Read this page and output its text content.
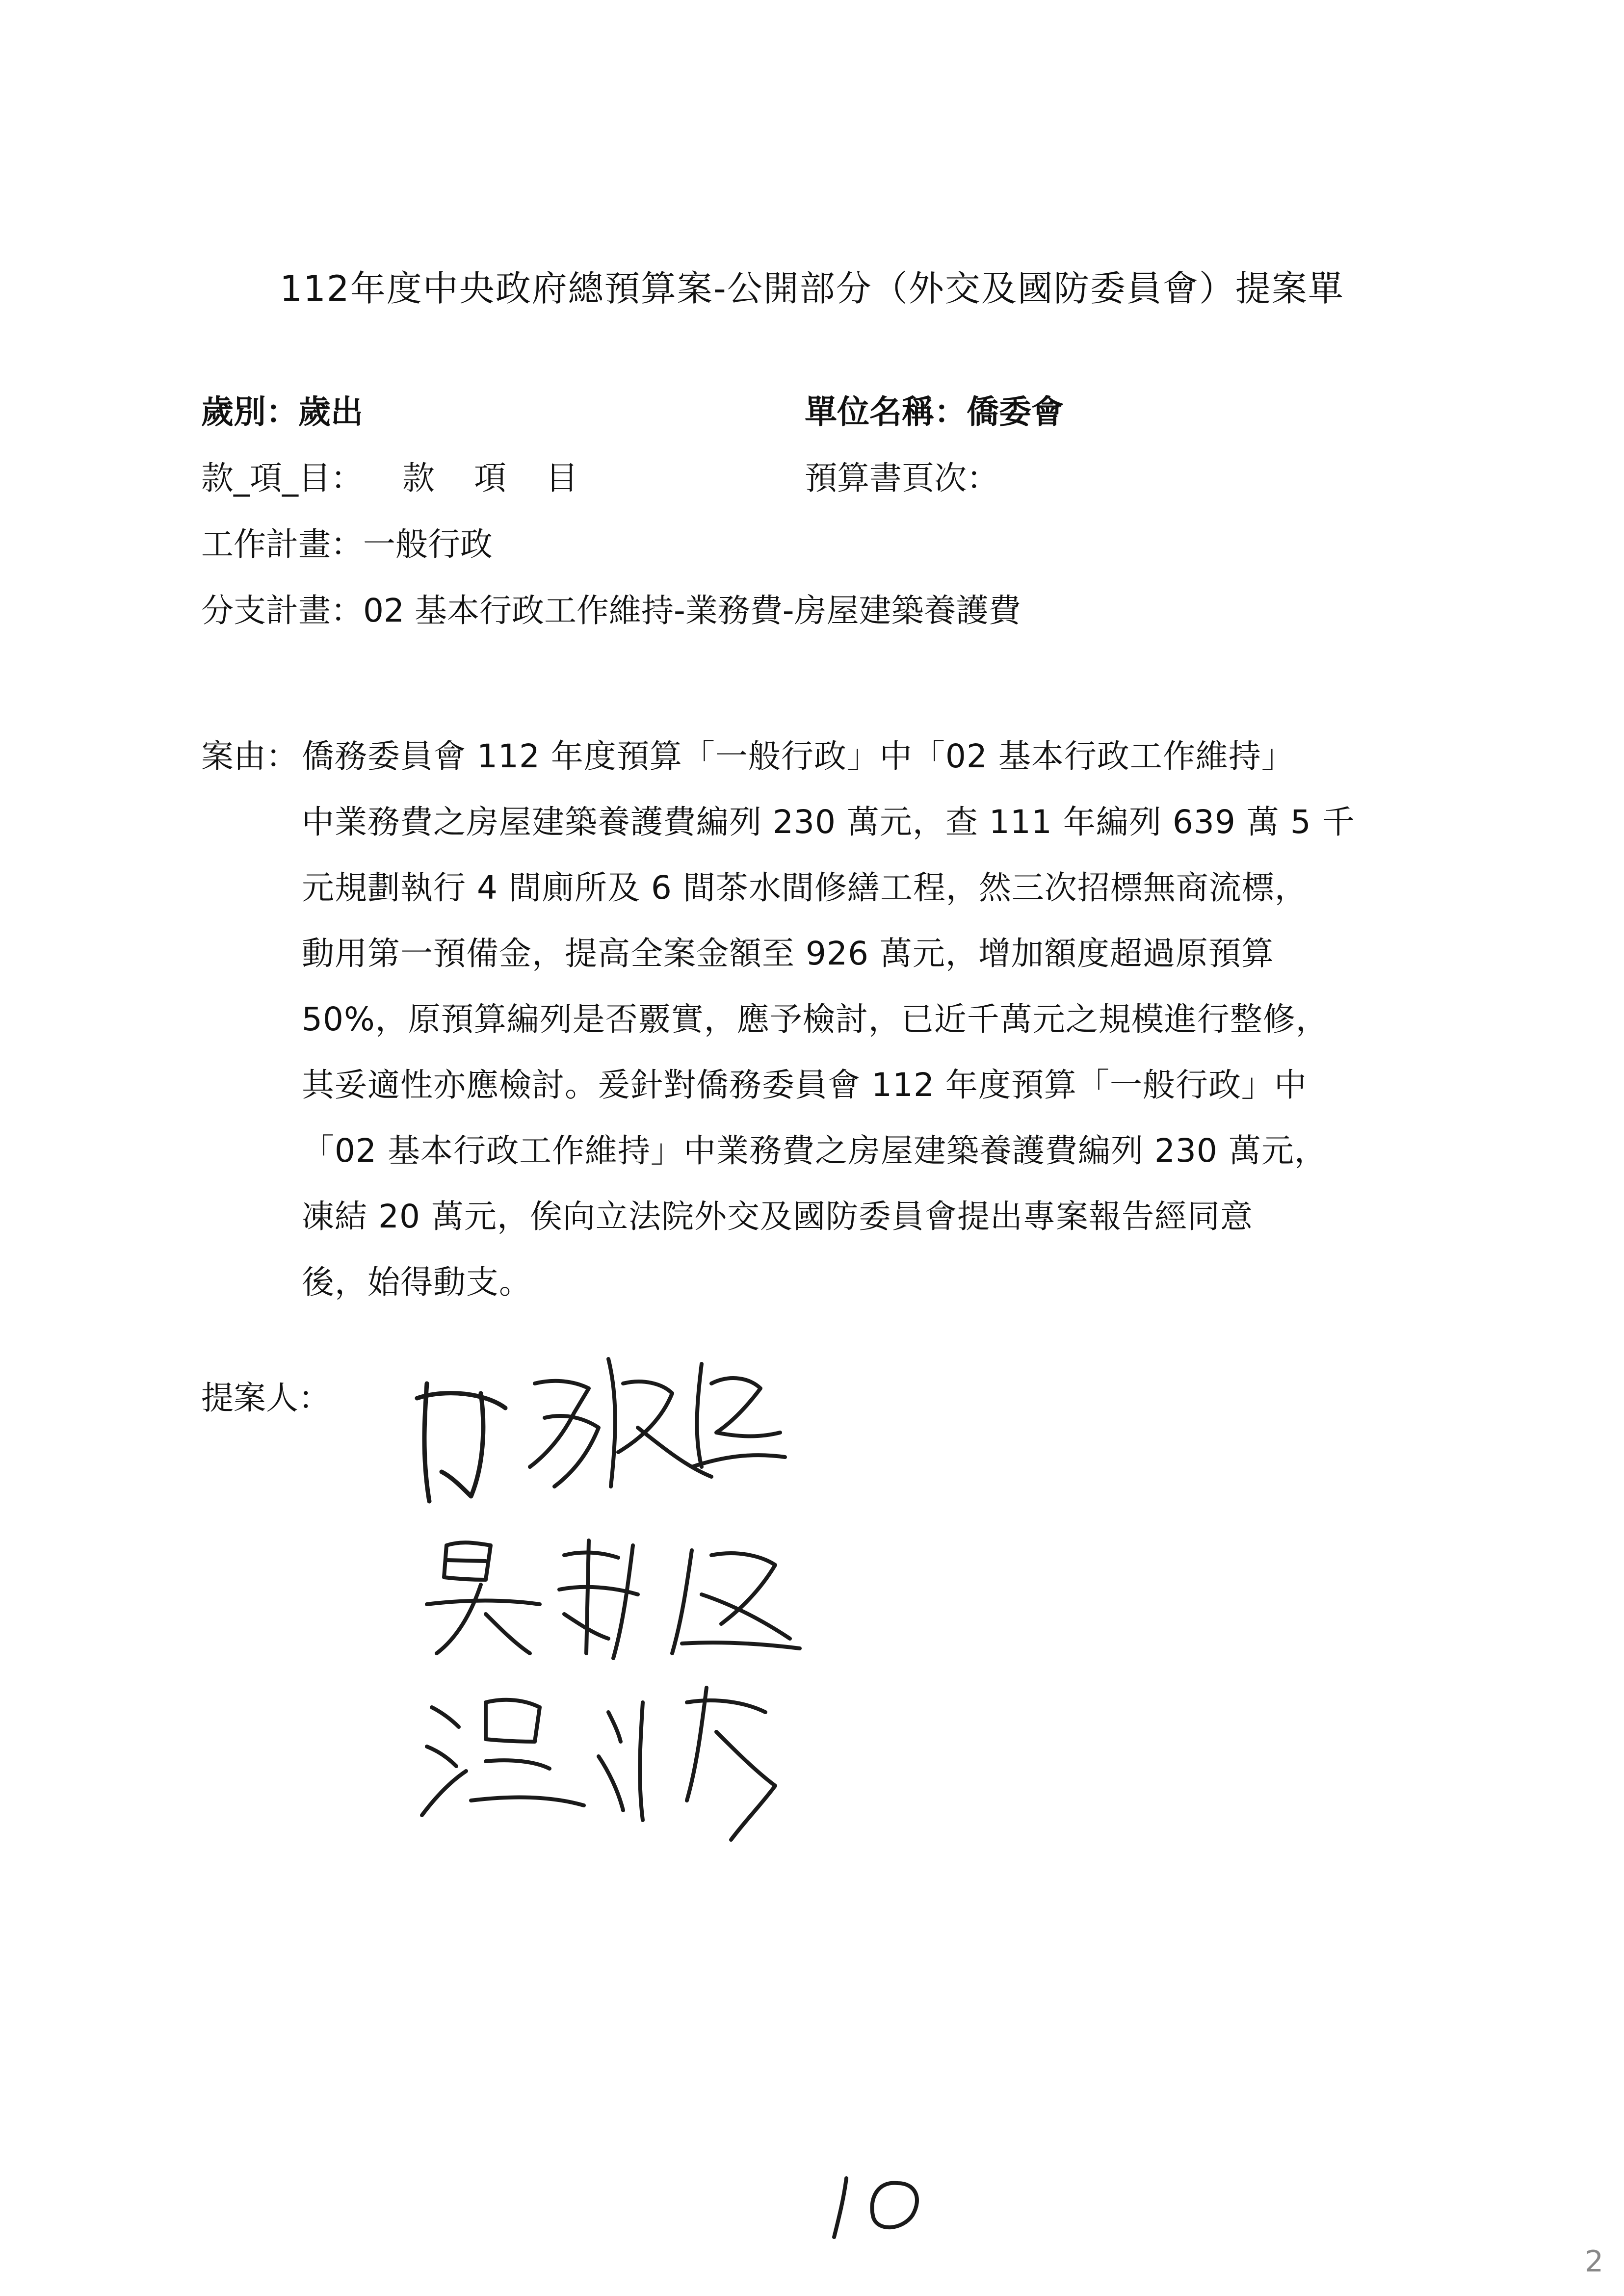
112年度中央政府總預算案-公開部分（外交及國防委員會）提案單
歲別：歲出	單位名稱：僑委會
款_項_目： 款 項 目	預算書頁次：
工作計畫：一般行政
分支計畫：02 基本行政工作維持-業務費-房屋建築養護費
案由： 僑務委員會 112 年度預算「一般行政」中「02 基本行政工作維持」
中業務費之房屋建築養護費編列 230 萬元，查 111 年編列 639 萬 5 千
元規劃執行 4 間廁所及 6 間茶水間修繕工程，然三次招標無商流標，
動用第一預備金，提高全案金額至 926 萬元，增加額度超過原預算
50%，原預算編列是否覈實，應予檢討，已近千萬元之規模進行整修，
其妥適性亦應檢討。爰針對僑務委員會 112 年度預算「一般行政」中
「02 基本行政工作維持」中業務費之房屋建築養護費編列 230 萬元，
凍結 20 萬元，俟向立法院外交及國防委員會提出專案報告經同意
後，始得動支。
提案人：
2
